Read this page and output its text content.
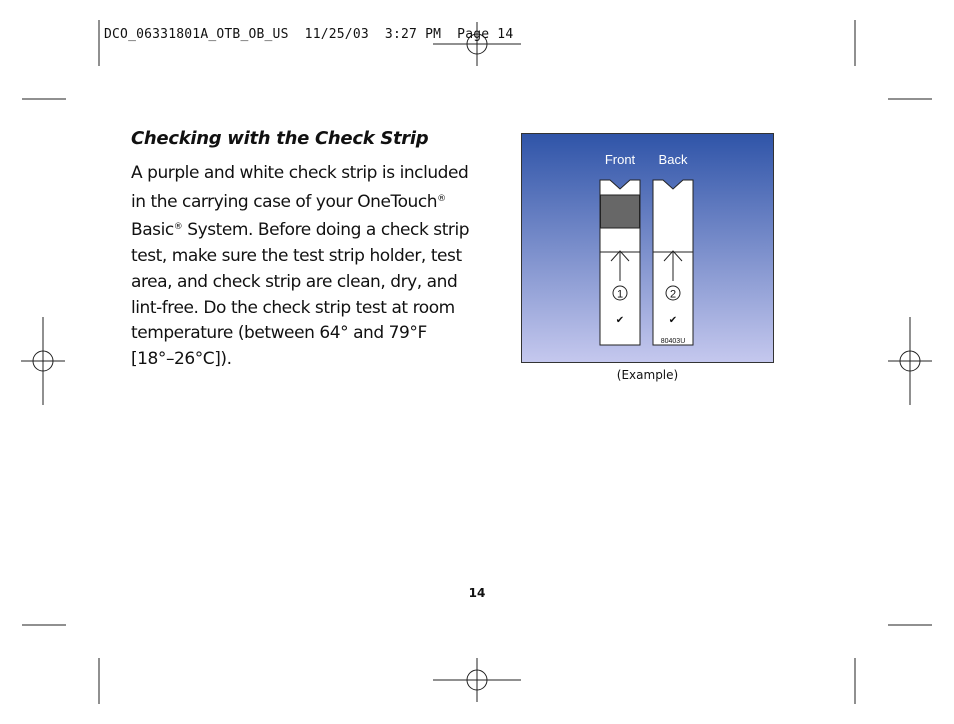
DCO_06331801A_OTB_OB_US  11/25/03  3:27 PM  Page 14
Checking with the Check Strip
A purple and white check strip is included in the carrying case of your OneTouch® Basic® System. Before doing a check strip test, make sure the test strip holder, test area, and check strip are clean, dry, and lint-free. Do the check strip test at room temperature (between 64° and 79°F [18°–26°C]).
Front Back
1
✔
2
✔
80403U
(Example)
14
